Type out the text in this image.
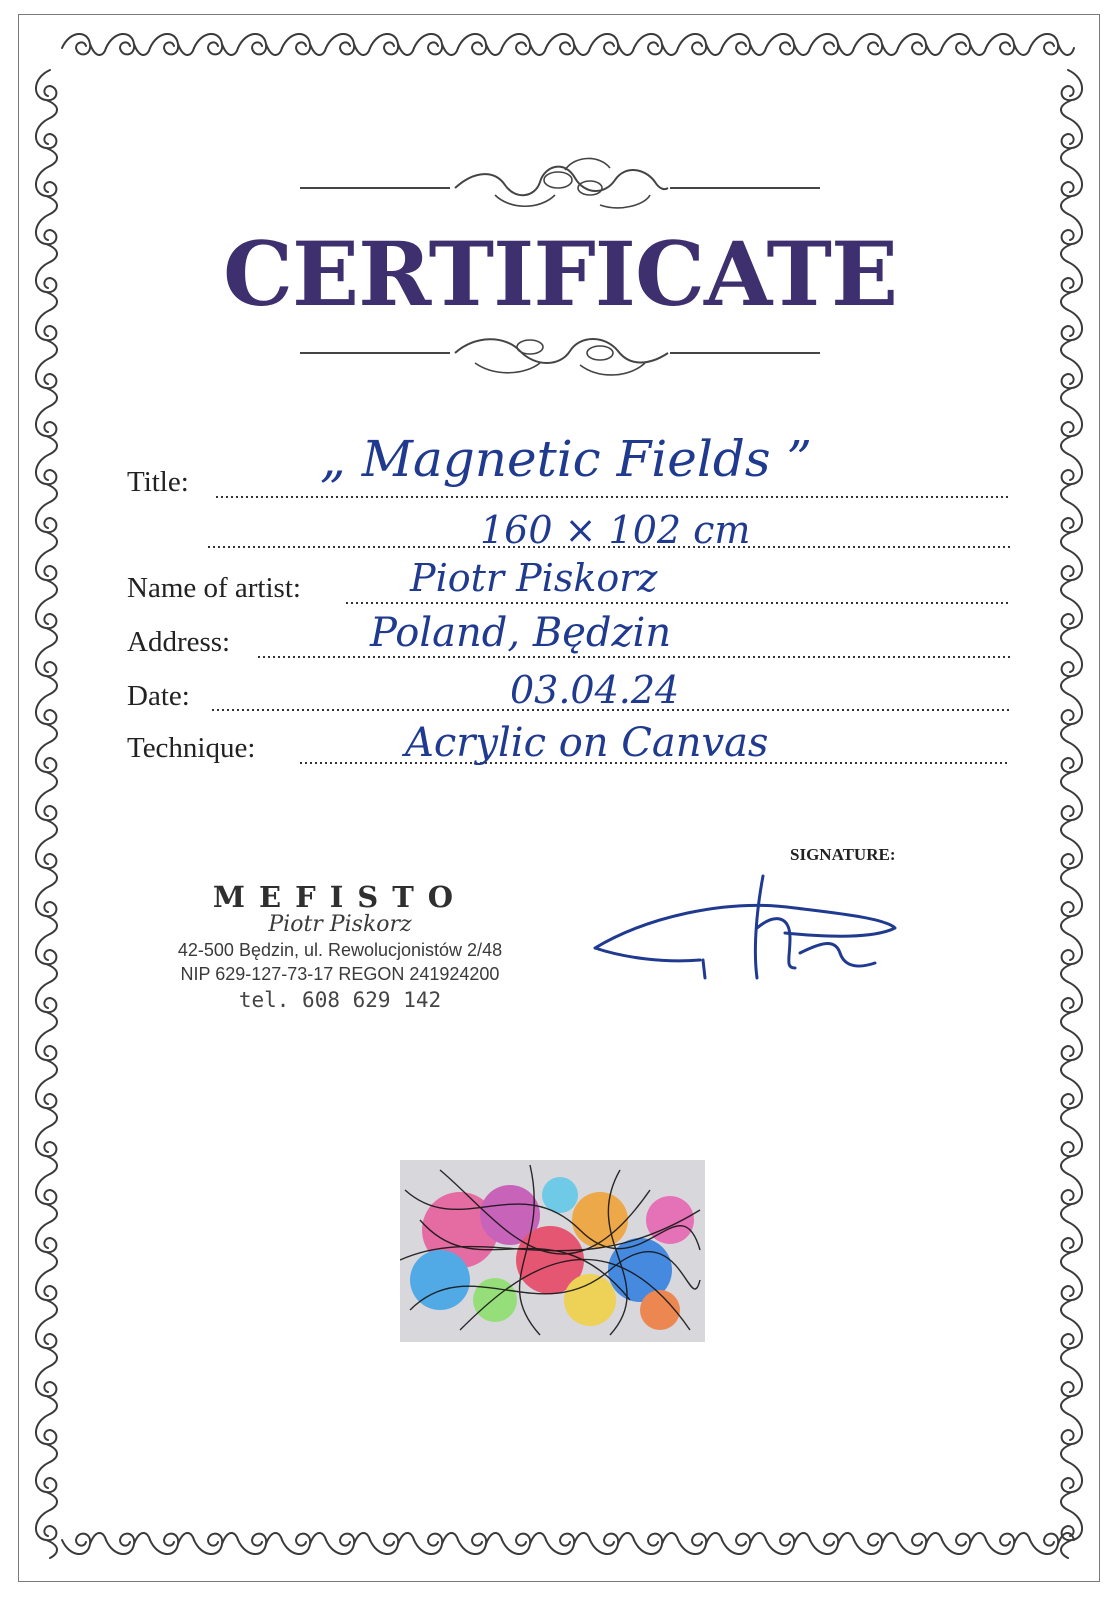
CERTIFICATE
Title:
Name of artist:
Address:
Date:
Technique:
„ Magnetic Fields ”
160 × 102 cm
Piotr Piskorz
Poland, Będzin
03.04.24
Acrylic on Canvas
SIGNATURE:
MEFISTO
Piotr Piskorz
42-500 Będzin, ul. Rewolucjonistów 2/48
NIP 629-127-73-17 REGON 241924200
tel. 608 629 142
